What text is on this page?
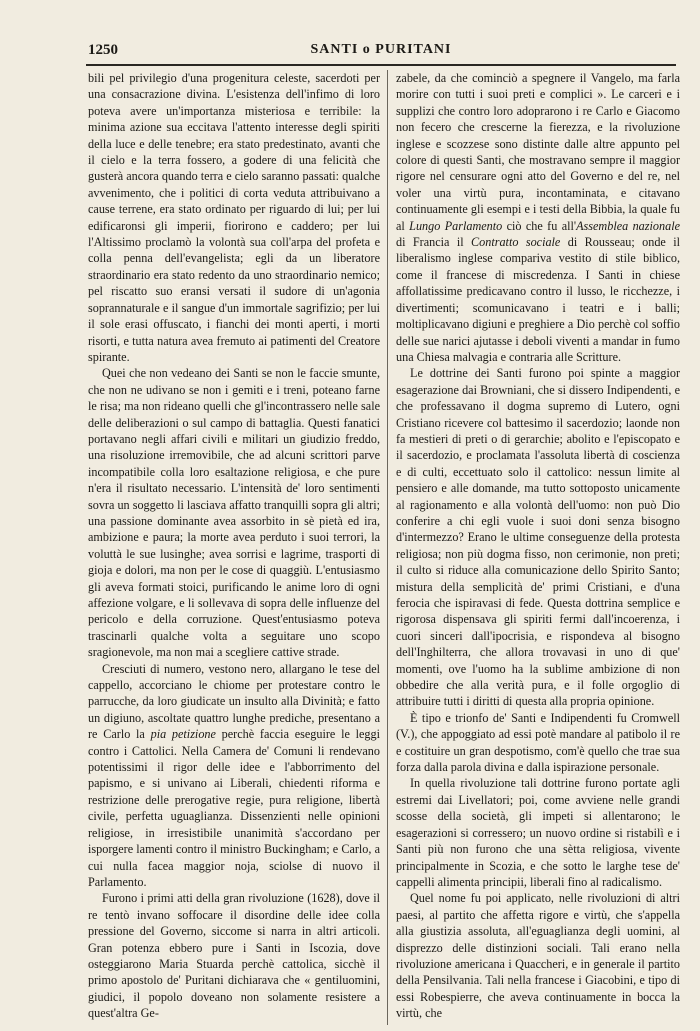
1250	SANTI o PURITANI

bili pel privilegio d'una progenitura celeste, sacerdoti per una consacrazione divina. L'esistenza dell'infimo di loro poteva avere un'importanza misteriosa e terribile: la minima azione sua eccitava l'attento interesse degli spiriti della luce e delle tenebre; era stato predestinato, avanti che il cielo e la terra fossero, a godere di una felicità che gusterà ancora quando terra e cielo saranno passati: qualche avvenimento, che i politici di corta veduta attribuivano a cause terrene, era stato ordinato per riguardo di lui; per lui edificaronsi gli imperii, fiorirono e caddero; per lui l'Altissimo proclamò la volontà sua coll'arpa del profeta e colla penna dell'evangelista; egli da un liberatore straordinario era stato redento da uno straordinario nemico; pel riscatto suo eransi versati il sudore di un'agonia soprannaturale e il sangue d'un immortale sagrifizio; per lui il sole erasi offuscato, i fianchi dei monti aperti, i morti risorti, e tutta natura avea fremuto ai patimenti del Creatore spirante.

Quei che non vedeano dei Santi se non le faccie smunte, che non ne udivano se non i gemiti e i treni, poteano farne le risa; ma non rideano quelli che gl'incontrassero nelle sale delle deliberazioni o sul campo di battaglia. Questi fanatici portavano negli affari civili e militari un giudizio freddo, una risoluzione irremovibile, che ad alcuni scrittori parve incompatibile colla loro esaltazione religiosa, e che pure n'era il risultato necessario. L'intensità de' loro sentimenti sovra un soggetto li lasciava affatto tranquilli sopra gli altri; una passione dominante avea assorbito in sè pietà ed ira, ambizione e paura; la morte avea perduto i suoi terrori, la voluttà le sue lusinghe; avea sorrisi e lagrime, trasporti di gioja e dolori, ma non per le cose di quaggiù. L'entusiasmo gli aveva formati stoici, purificando le anime loro di ogni affezione volgare, e li sollevava di sopra delle influenze del pericolo e della corruzione. Quest'entusiasmo poteva trascinarli qualche volta a seguitare uno scopo sragionevole, ma non mai a scegliere cattive strade.

Cresciuti di numero, vestono nero, allargano le tese del cappello, accorciano le chiome per protestare contro le parrucche, da loro giudicate un insulto alla Divinità; e fatto un digiuno, ascoltate quattro lunghe prediche, presentano a re Carlo la pia petizione perchè faccia eseguire le leggi contro i Cattolici. Nella Camera de' Comuni li rendevano potentissimi il rigor delle idee e l'abborrimento del papismo, e si univano ai Liberali, chiedenti riforma e restrizione delle prerogative regie, pura religione, libertà civile, perfetta uguaglianza. Dissenzienti nelle opinioni religiose, in irresistibile unanimità s'accordano per isporgere lamenti contro il ministro Buckingham; e Carlo, a cui nulla facea maggior noja, sciolse di nuovo il Parlamento.

Furono i primi atti della gran rivoluzione (1628), dove il re tentò invano soffocare il disordine delle idee colla pressione del Governo, siccome si narra in altri articoli. Gran potenza ebbero pure i Santi in Iscozia, dove osteggiarono Maria Stuarda perchè cattolica, sicchè il primo apostolo de' Puritani dichiarava che « gentiluomini, giudici, il popolo doveano non solamente resistere a quest'altra Ge-

zabele, da che cominciò a spegnere il Vangelo, ma farla morire con tutti i suoi preti e complici ». Le carceri e i supplizi che contro loro adoprarono i re Carlo e Giacomo non fecero che crescerne la fierezza, e la rivoluzione inglese e scozzese sono distinte dalle altre appunto pel colore di questi Santi, che mostravano sempre il maggior rigore nel censurare ogni atto del Governo e del re, nel voler una virtù pura, incontaminata, e citavano continuamente gli esempi e i testi della Bibbia, la quale fu al Lungo Parlamento ciò che fu all'Assemblea nazionale di Francia il Contratto sociale di Rousseau; onde il liberalismo inglese compariva vestito di stile biblico, come il francese di miscredenza. I Santi in chiese affollatissime predicavano contro il lusso, le ricchezze, i divertimenti; scomunicavano i teatri e i balli; moltiplicavano digiuni e preghiere a Dio perchè col soffio delle sue narici ajutasse i deboli viventi a mandar in fumo una Chiesa malvagia e contraria alle Scritture.

Le dottrine dei Santi furono poi spinte a maggior esagerazione dai Browniani, che si dissero Indipendenti, e che professavano il dogma supremo di Lutero, ogni Cristiano ricevere col battesimo il sacerdozio; laonde non fa mestieri di preti o di gerarchie; abolito e l'episcopato e il sacerdozio, e proclamata l'assoluta libertà di coscienza e di culti, eccettuato solo il cattolico: nessun limite al pensiero e alle domande, ma tutto sottoposto unicamente al ragionamento e alla volontà dell'uomo: non può Dio conferire a chi egli vuole i suoi doni senza bisogno d'intermezzo? Erano le ultime conseguenze della protesta religiosa; non più dogma fisso, non cerimonie, non preti; il culto si riduce alla comunicazione dello Spirito Santo; mistura della semplicità de' primi Cristiani, e d'una ferocia che ispiravasi di fede. Questa dottrina semplice e rigorosa dispensava gli spiriti fermi dall'incoerenza, i cuori sinceri dall'ipocrisia, e rispondeva al bisogno dell'Inghilterra, che allora trovavasi in uno di que' momenti, ove l'uomo ha la sublime ambizione di non obbedire che alla verità pura, e il folle orgoglio di attribuire tutti i diritti di questa alla propria opinione.

È tipo e trionfo de' Santi e Indipendenti fu Cromwell (V.), che appoggiato ad essi potè mandare al patibolo il re e costituire un gran despotismo, com'è quello che trae sua forza dalla parola divina e dalla ispirazione personale.

In quella rivoluzione tali dottrine furono portate agli estremi dai Livellatori; poi, come avviene nelle grandi scosse della società, gli impeti si allentarono; le esagerazioni si corressero; un nuovo ordine si ristabilì e i Santi più non furono che una sètta religiosa, vivente principalmente in Scozia, e che sotto le larghe tese de' cappelli alimenta principii, liberali fino al radicalismo.

Quel nome fu poi applicato, nelle rivoluzioni di altri paesi, al partito che affetta rigore e virtù, che s'appella alla giustizia assoluta, all'eguaglianza degli uomini, al disprezzo delle distinzioni sociali. Tali erano nella rivoluzione americana i Quaccheri, e in generale il partito della Pensilvania. Tali nella francese i Giacobini, e tipo di essi Robespierre, che aveva continuamente in bocca la virtù, che
